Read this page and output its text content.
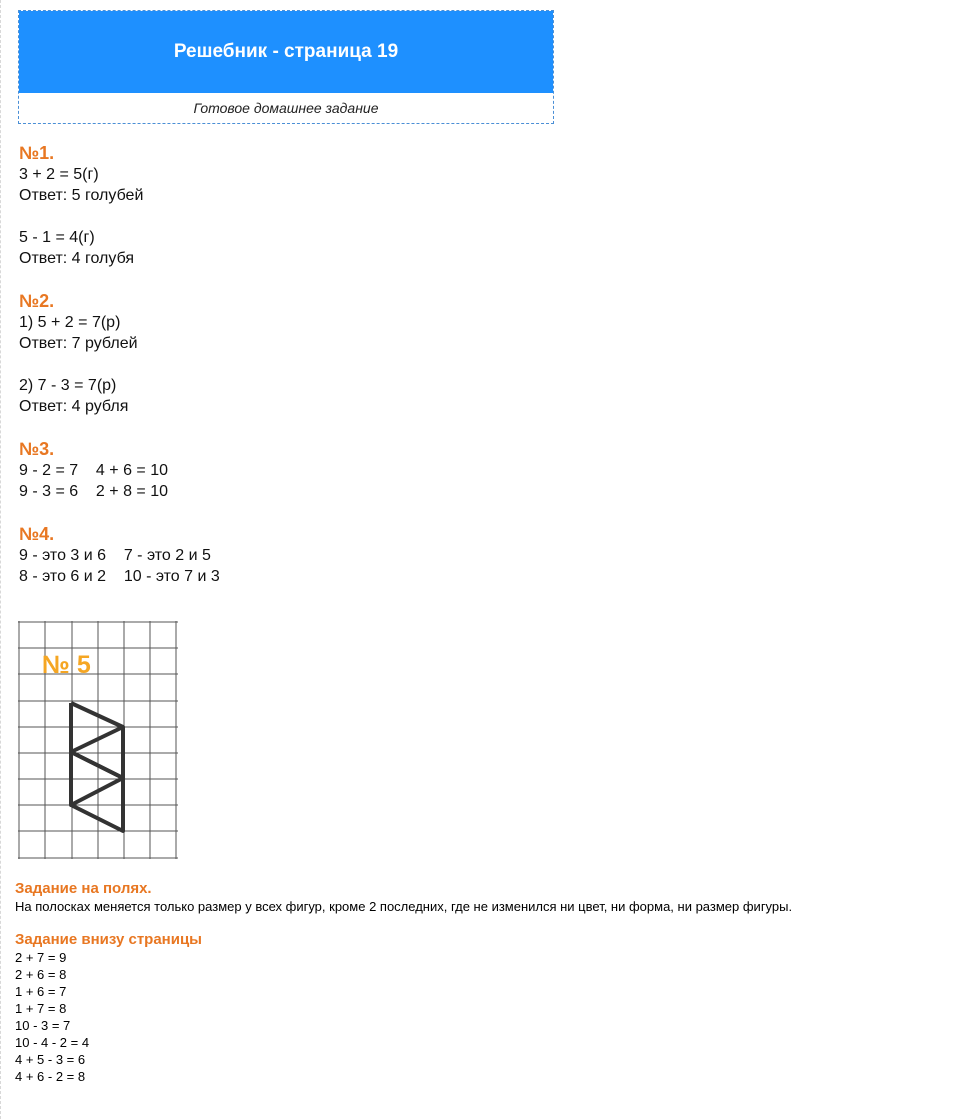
Решебник - страница 19
Готовое домашнее задание

№1.

3 + 2 = 5(г)
Ответ: 5 голубей
5 - 1 = 4(г)
Ответ: 4 голубя

№2.

1) 5 + 2 = 7(р)
Ответ: 7 рублей
2) 7 - 3 = 7(р)
Ответ: 4 рубля

№3.

9 - 2 = 7    4 + 6 = 10
9 - 3 = 6    2 + 8 = 10

№4.

9 - это 3 и 6    7 - это 2 и 5
8 - это 6 и 2    10 - это 7 и 3
№ 5
Задание на полях.
На полосках меняется только размер у всех фигур, кроме 2 последних, где не изменился ни цвет, ни форма, ни размер фигуры.
Задание внизу страницы
2 + 7 = 9
2 + 6 = 8
1 + 6 = 7
1 + 7 = 8
10 - 3 = 7
10 - 4 - 2 = 4
4 + 5 - 3 = 6
4 + 6 - 2 = 8
